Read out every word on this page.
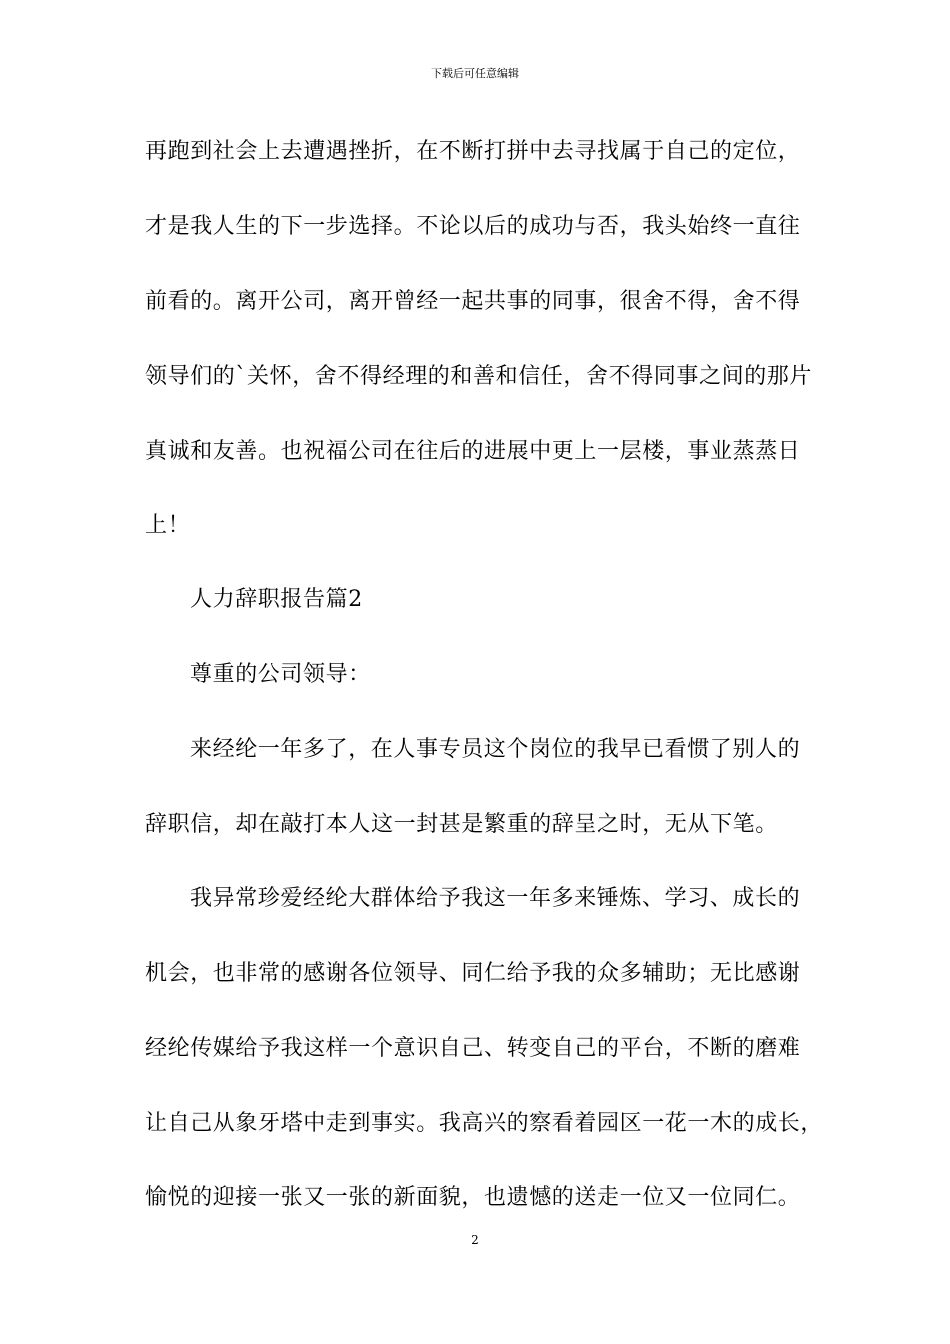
下载后可任意编辑
再跑到社会上去遭遇挫折，在不断打拼中去寻找属于自己的定位，
才是我人生的下一步选择。不论以后的成功与否，我头始终一直往
前看的。离开公司，离开曾经一起共事的同事，很舍不得，舍不得
领导们的`关怀，舍不得经理的和善和信任，舍不得同事之间的那片
真诚和友善。也祝福公司在往后的进展中更上一层楼，事业蒸蒸日
上！
人力辞职报告篇2
尊重的公司领导：
来经纶一年多了，在人事专员这个岗位的我早已看惯了别人的
辞职信，却在敲打本人这一封甚是繁重的辞呈之时，无从下笔。
我异常珍爱经纶大群体给予我这一年多来锤炼、学习、成长的
机会，也非常的感谢各位领导、同仁给予我的众多辅助；无比感谢
经纶传媒给予我这样一个意识自己、转变自己的平台，不断的磨难
让自己从象牙塔中走到事实。我高兴的察看着园区一花一木的成长，
愉悦的迎接一张又一张的新面貌，也遗憾的送走一位又一位同仁。
2
